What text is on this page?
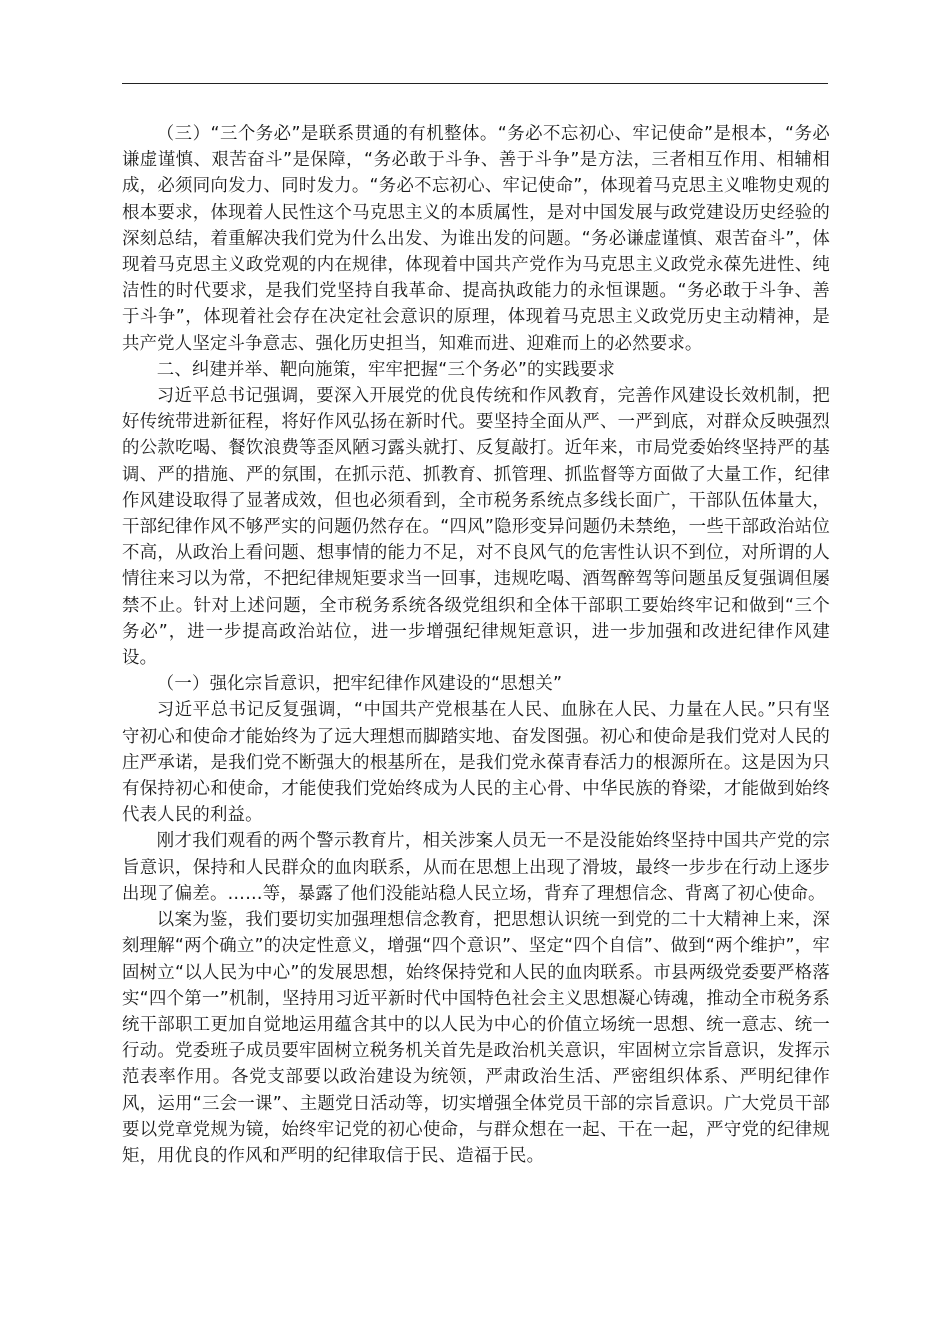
（三）“三个务必”是联系贯通的有机整体。“务必不忘初心、牢记使命”是根本，“务必谦虚谨慎、艰苦奋斗”是保障，“务必敢于斗争、善于斗争”是方法，三者相互作用、相辅相成，必须同向发力、同时发力。“务必不忘初心、牢记使命”，体现着马克思主义唯物史观的根本要求，体现着人民性这个马克思主义的本质属性，是对中国发展与政党建设历史经验的深刻总结，着重解决我们党为什么出发、为谁出发的问题。“务必谦虚谨慎、艰苦奋斗”，体现着马克思主义政党观的内在规律，体现着中国共产党作为马克思主义政党永葆先进性、纯洁性的时代要求，是我们党坚持自我革命、提高执政能力的永恒课题。“务必敢于斗争、善于斗争”，体现着社会存在决定社会意识的原理，体现着马克思主义政党历史主动精神，是共产党人坚定斗争意志、强化历史担当，知难而进、迎难而上的必然要求。

二、纠建并举、靶向施策，牢牢把握“三个务必”的实践要求

习近平总书记强调，要深入开展党的优良传统和作风教育，完善作风建设长效机制，把好传统带进新征程，将好作风弘扬在新时代。要坚持全面从严、一严到底，对群众反映强烈的公款吃喝、餐饮浪费等歪风陋习露头就打、反复敲打。近年来，市局党委始终坚持严的基调、严的措施、严的氛围，在抓示范、抓教育、抓管理、抓监督等方面做了大量工作，纪律作风建设取得了显著成效，但也必须看到，全市税务系统点多线长面广，干部队伍体量大，干部纪律作风不够严实的问题仍然存在。“四风”隐形变异问题仍未禁绝，一些干部政治站位不高，从政治上看问题、想事情的能力不足，对不良风气的危害性认识不到位，对所谓的人情往来习以为常，不把纪律规矩要求当一回事，违规吃喝、酒驾醉驾等问题虽反复强调但屡禁不止。针对上述问题，全市税务系统各级党组织和全体干部职工要始终牢记和做到“三个务必”，进一步提高政治站位，进一步增强纪律规矩意识，进一步加强和改进纪律作风建设。

（一）强化宗旨意识，把牢纪律作风建设的“思想关”

习近平总书记反复强调，“中国共产党根基在人民、血脉在人民、力量在人民。”只有坚守初心和使命才能始终为了远大理想而脚踏实地、奋发图强。初心和使命是我们党对人民的庄严承诺，是我们党不断强大的根基所在，是我们党永葆青春活力的根源所在。这是因为只有保持初心和使命，才能使我们党始终成为人民的主心骨、中华民族的脊梁，才能做到始终代表人民的利益。

刚才我们观看的两个警示教育片，相关涉案人员无一不是没能始终坚持中国共产党的宗旨意识，保持和人民群众的血肉联系，从而在思想上出现了滑坡，最终一步步在行动上逐步出现了偏差。……等，暴露了他们没能站稳人民立场，背弃了理想信念、背离了初心使命。

以案为鉴，我们要切实加强理想信念教育，把思想认识统一到党的二十大精神上来，深刻理解“两个确立”的决定性意义，增强“四个意识”、坚定“四个自信”、做到“两个维护”，牢固树立“以人民为中心”的发展思想，始终保持党和人民的血肉联系。市县两级党委要严格落实“四个第一”机制，坚持用习近平新时代中国特色社会主义思想凝心铸魂，推动全市税务系统干部职工更加自觉地运用蕴含其中的以人民为中心的价值立场统一思想、统一意志、统一行动。党委班子成员要牢固树立税务机关首先是政治机关意识，牢固树立宗旨意识，发挥示范表率作用。各党支部要以政治建设为统领，严肃政治生活、严密组织体系、严明纪律作风，运用“三会一课”、主题党日活动等，切实增强全体党员干部的宗旨意识。广大党员干部要以党章党规为镜，始终牢记党的初心使命，与群众想在一起、干在一起，严守党的纪律规矩，用优良的作风和严明的纪律取信于民、造福于民。
